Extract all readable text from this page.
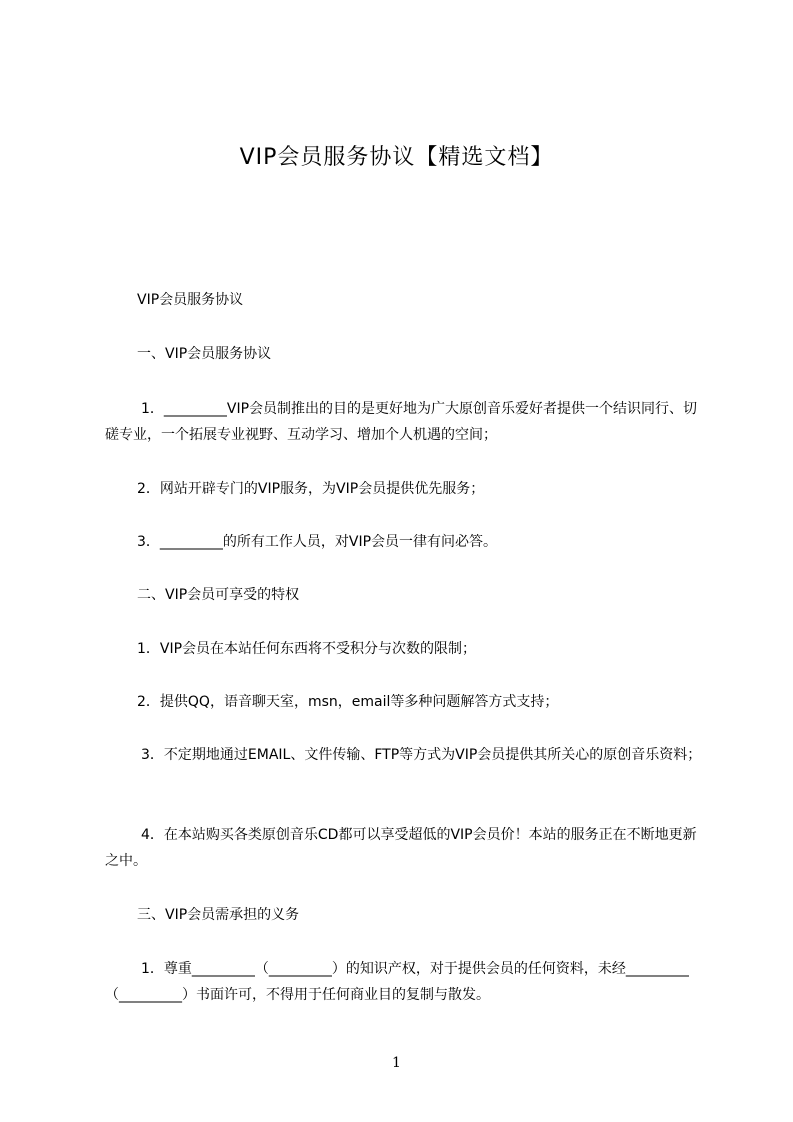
VIP会员服务协议【精选文档】
VIP会员服务协议
一、VIP会员服务协议
1．_________VIP会员制推出的目的是更好地为广大原创音乐爱好者提供一个结识同行、切磋专业，一个拓展专业视野、互动学习、增加个人机遇的空间；
2．网站开辟专门的VIP服务，为VIP会员提供优先服务；
3．_________的所有工作人员，对VIP会员一律有问必答。
二、VIP会员可享受的特权
1．VIP会员在本站任何东西将不受积分与次数的限制；
2．提供QQ，语音聊天室，msn，email等多种问题解答方式支持；
3．不定期地通过EMAIL、文件传输、FTP等方式为VIP会员提供其所关心的原创音乐资料；
4．在本站购买各类原创音乐CD都可以享受超低的VIP会员价！本站的服务正在不断地更新之中。
三、VIP会员需承担的义务
1．尊重_________（_________）的知识产权，对于提供会员的任何资料，未经_________（_________）书面许可，不得用于任何商业目的复制与散发。
1
